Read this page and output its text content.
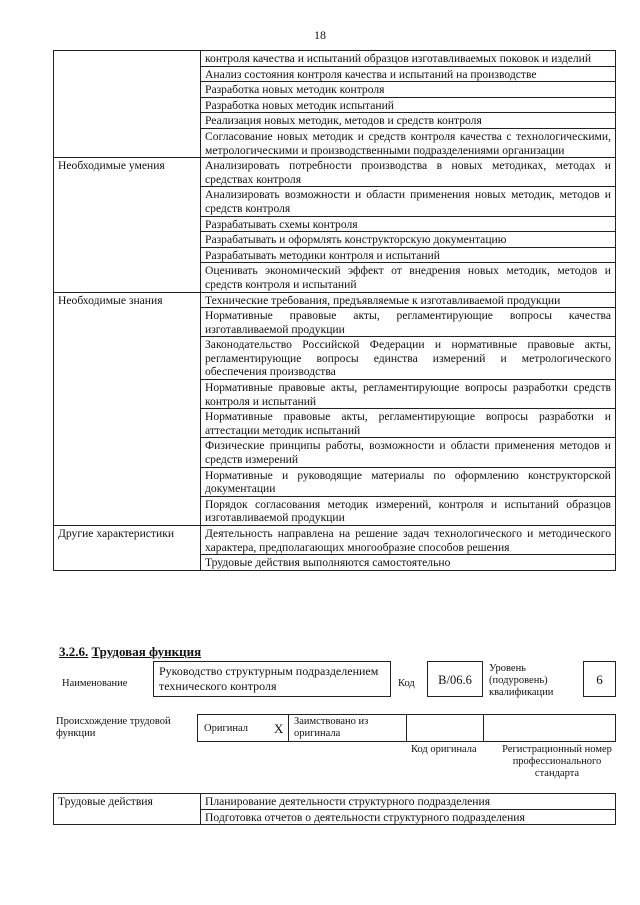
18
	контроля качества и испытаний образцов изготавливаемых поковок и изделий
	Анализ состояния контроля качества и испытаний на производстве
	Разработка новых методик контроля
	Разработка новых методик испытаний
	Реализация новых методик, методов и средств контроля
	Согласование новых методик и средств контроля качества с технологическими, метрологическими и производственными подразделениями организации
Необходимые умения	Анализировать потребности производства в новых методиках, методах и средствах контроля
	Анализировать возможности и области применения новых методик, методов и средств контроля
	Разрабатывать схемы контроля
	Разрабатывать и оформлять конструкторскую документацию
	Разрабатывать методики контроля и испытаний
	Оценивать экономический эффект от внедрения новых методик, методов и средств контроля и испытаний
Необходимые знания	Технические требования, предъявляемые к изготавливаемой продукции
	Нормативные правовые акты, регламентирующие вопросы качества изготавливаемой продукции
	Законодательство Российской Федерации и нормативные правовые акты, регламентирующие вопросы единства измерений и метрологического обеспечения производства
	Нормативные правовые акты, регламентирующие вопросы разработки средств контроля и испытаний
	Нормативные правовые акты, регламентирующие вопросы разработки и аттестации методик испытаний
	Физические принципы работы, возможности и области применения методов и средств измерений
	Нормативные и руководящие материалы по оформлению конструкторской документации
	Порядок согласования методик измерений, контроля и испытаний образцов изготавливаемой продукции
Другие характеристики	Деятельность направлена на решение задач технологического и методического характера, предполагающих многообразие способов решения
	Трудовые действия выполняются самостоятельно
3.2.6. Трудовая функция
Наименование
Руководство структурным подразделением технического контроля	Код	B/06.6
Уровень (подуровень) квалификации
6
Происхождение трудовой функции	Оригинал X Заимствовано из оригинала
Код оригинала	Регистрационный номер профессионального стандарта
Трудовые действия	Планирование деятельности структурного подразделения
Подготовка отчетов о деятельности структурного подразделения
